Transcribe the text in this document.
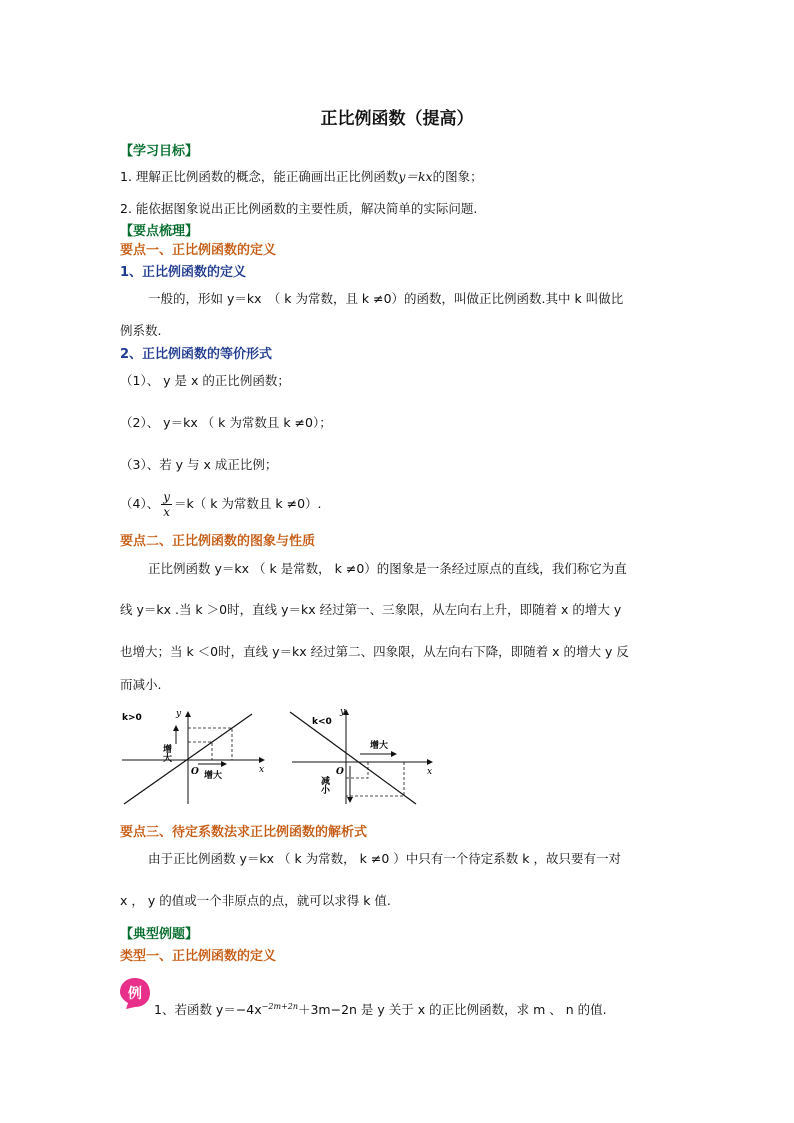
正比例函数（提高）
【学习目标】
1. 理解正比例函数的概念，能正确画出正比例函数y＝kx的图象；
2. 能依据图象说出正比例函数的主要性质，解决简单的实际问题.
【要点梳理】
要点一、正比例函数的定义
1、正比例函数的定义
一般的，形如 y＝kx　（ k 为常数，且 k ≠0）的函数，叫做正比例函数.其中 k 叫做比
例系数.
2、正比例函数的等价形式
（1）、 y 是 x 的正比例函数；
（2）、 y＝kx （ k 为常数且 k ≠0）；
（3）、若 y 与 x 成正比例；
（4）、 $\frac{y}{x} =k$（ k 为常数且 k ≠0）.
要点二、正比例函数的图象与性质
正比例函数 y＝kx （ k 是常数， k ≠0）的图象是一条经过原点的直线，我们称它为直
线 y＝kx .当 k ＞0时，直线 y＝kx 经过第一、三象限，从左向右上升，即随着 x 的增大 y
也增大；当 k ＜0时，直线 y＝kx 经过第二、四象限，从左向右下降，即随着 x 的增大 y 反
而减小.
k>0	y
x
O
增大
增大
k<0
y
x
O
增大
减小
要点三、待定系数法求正比例函数的解析式
由于正比例函数 y＝kx （ k 为常数， k ≠0 ）中只有一个待定系数 k ，故只要有一对
x ， y 的值或一个非原点的点，就可以求得 k 值.
【典型例题】
类型一、正比例函数的定义
例
1、若函数 $y=-4x^{-2m+2n}+3m-2n$ 是 y 关于 x 的正比例函数，求 m 、 n 的值.
